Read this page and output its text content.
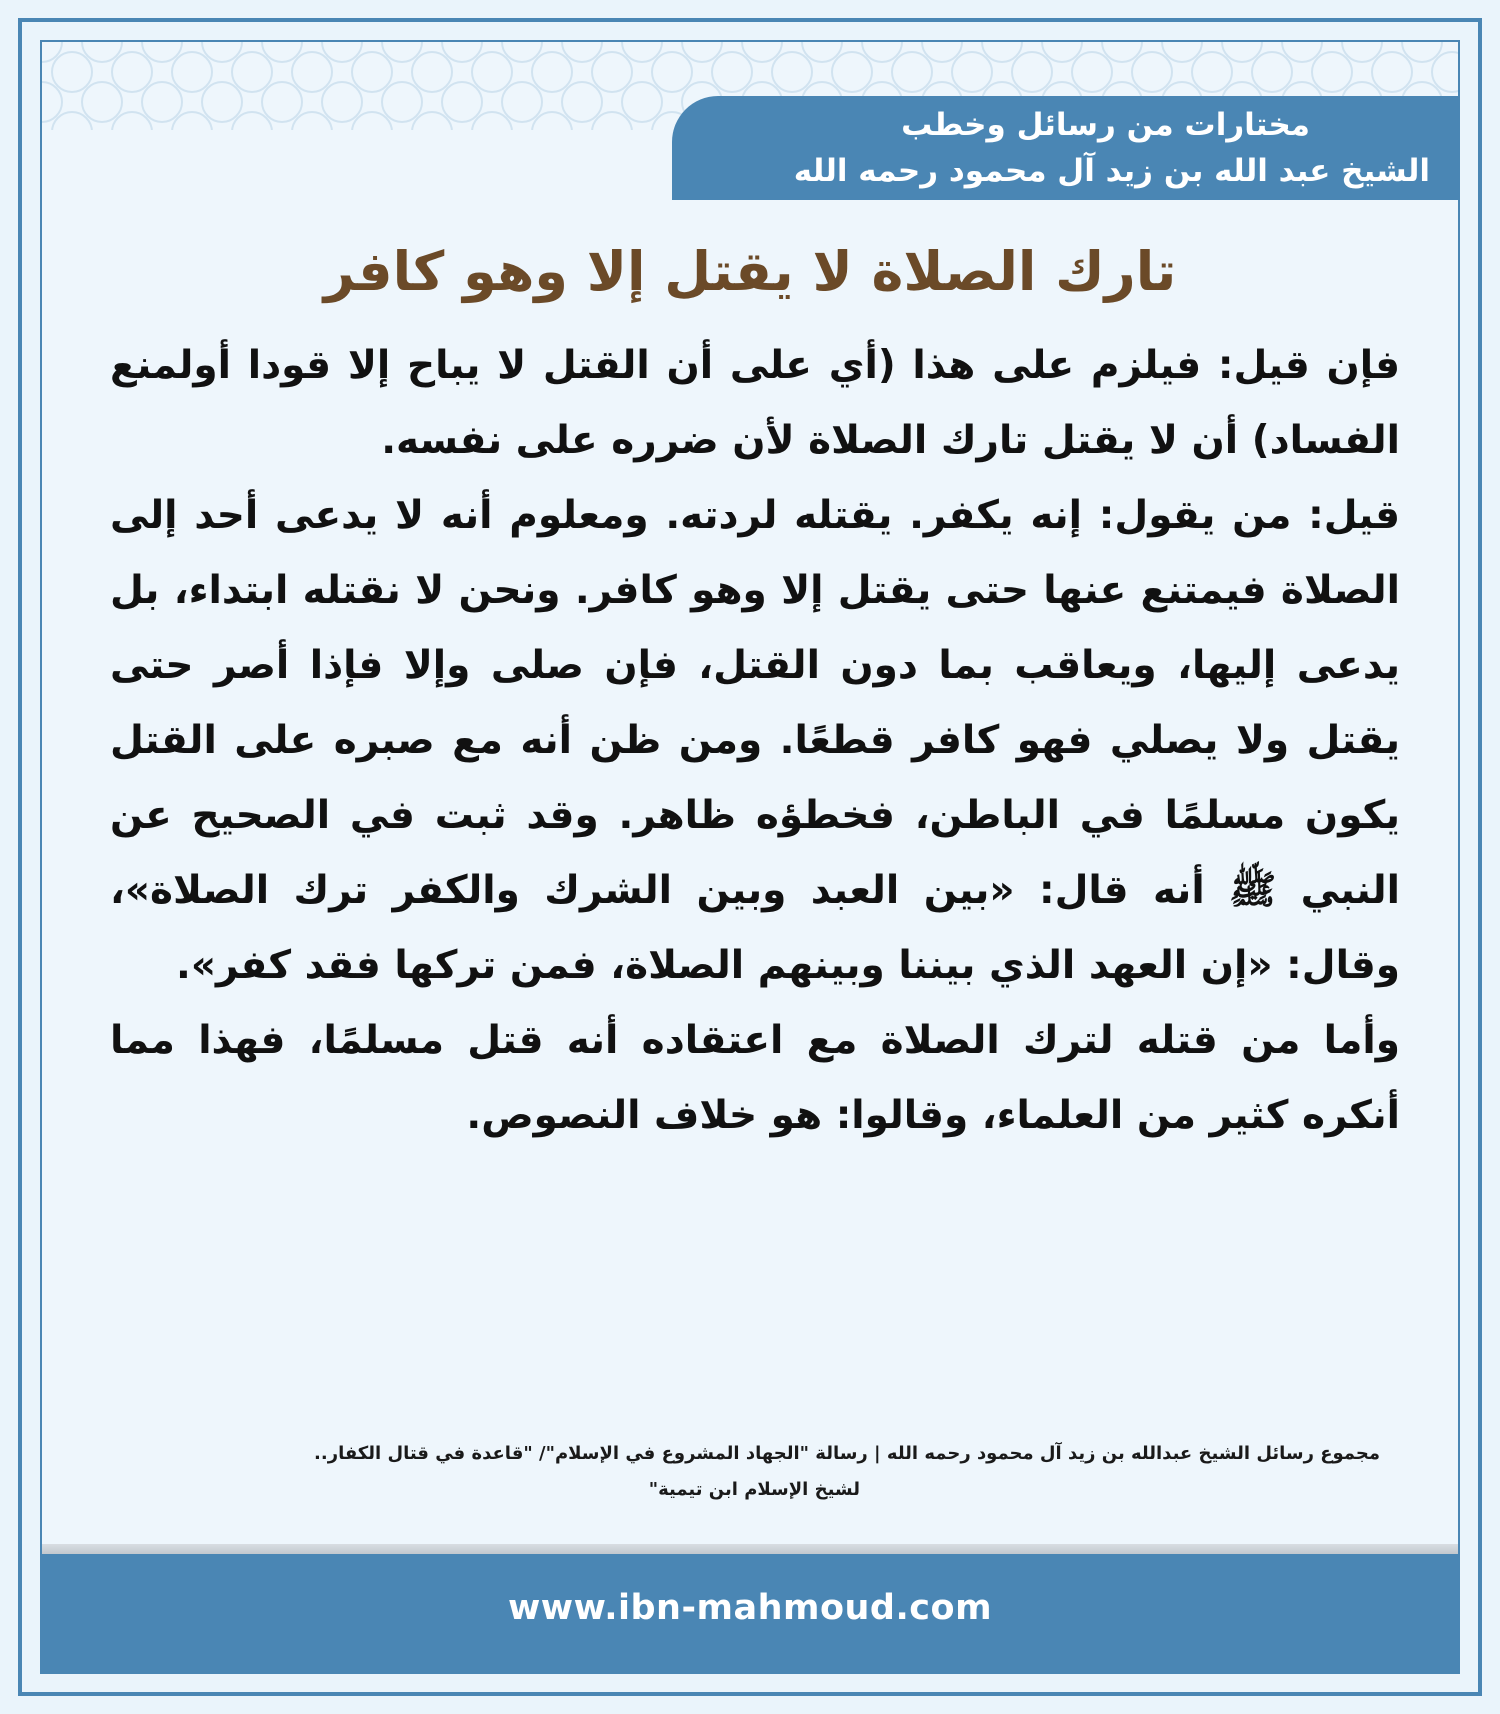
مختارات من رسائل وخطب
الشيخ عبد الله بن زيد آل محمود رحمه الله
تارك الصلاة لا يقتل إلا وهو كافر

فإن قيل: فيلزم على هذا (أي على أن القتل لا يباح إلا قودا أولمنع الفساد) أن لا يقتل تارك الصلاة لأن ضرره على نفسه.

قيل: من يقول: إنه يكفر. يقتله لردته. ومعلوم أنه لا يدعى أحد إلى الصلاة فيمتنع عنها حتى يقتل إلا وهو كافر. ونحن لا نقتله ابتداء، بل يدعى إليها، ويعاقب بما دون القتل، فإن صلى وإلا فإذا أصر حتى يقتل ولا يصلي فهو كافر قطعًا. ومن ظن أنه مع صبره على القتل يكون مسلمًا في الباطن، فخطؤه ظاهر. وقد ثبت في الصحيح عن النبي ﷺ أنه قال: «بين العبد وبين الشرك والكفر ترك الصلاة»، وقال: «إن العهد الذي بيننا وبينهم الصلاة، فمن تركها فقد كفر».

وأما من قتله لترك الصلاة مع اعتقاده أنه قتل مسلمًا، فهذا مما أنكره كثير من العلماء، وقالوا: هو خلاف النصوص.

مجموع رسائل الشيخ عبدالله بن زيد آل محمود رحمه الله | رسالة "الجهاد المشروع في الإسلام"/ "قاعدة في قتال الكفار..
لشيخ الإسلام ابن تيمية"
www.ibn-mahmoud.com
